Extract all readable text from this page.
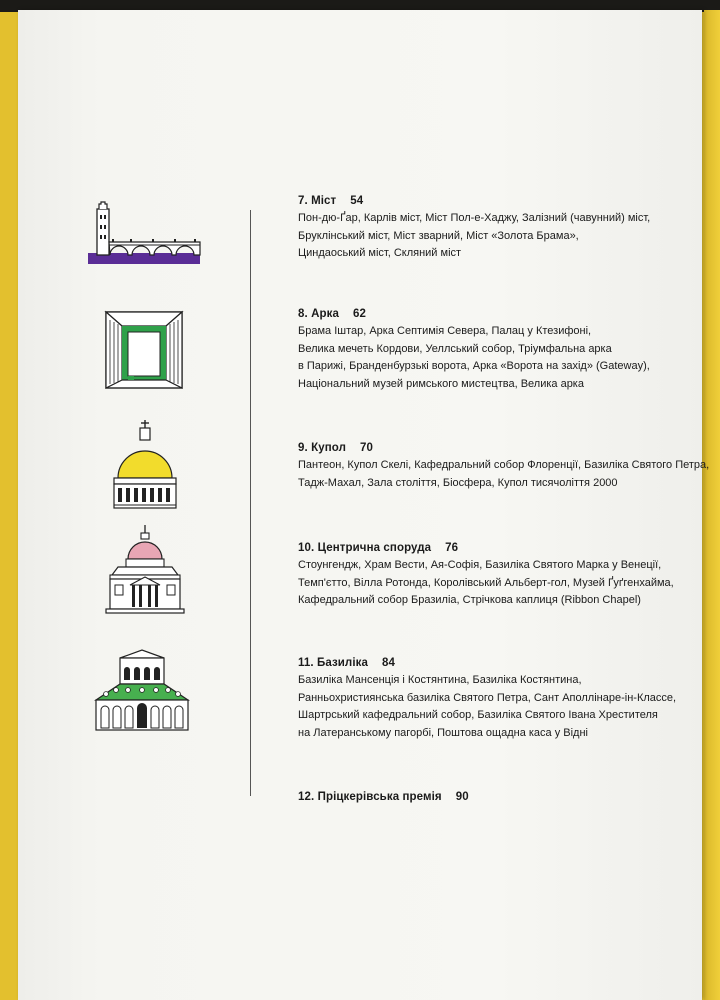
7. Міст 54
Пон-дю-Ґар, Карлів міст, Міст Пол-е-Хаджу, Залізний (чавунний) міст,
Бруклінський міст, Міст зварний, Міст «Золота Брама»,
Циндаоський міст, Скляний міст
8. Арка 62
Брама Іштар, Арка Септимія Севера, Палац у Ктезифоні,
Велика мечеть Кордови, Уеллський собор, Тріумфальна арка
в Парижі, Бранденбурзькі ворота, Арка «Ворота на захід» (Gateway),
Національний музей римського мистецтва, Велика арка
9. Купол 70
Пантеон, Купол Скелі, Кафедральний собор Флоренції, Базиліка Святого Петра,
Тадж-Махал, Зала століття, Біосфера, Купол тисячоліття 2000
10. Центрична споруда 76
Стоунгендж, Храм Вести, Ая-Софія, Базиліка Святого Марка у Венеції,
Темп'єтто, Вілла Ротонда, Королівський Альберт-гол, Музей Ґуґгенхайма,
Кафедральний собор Бразиліа, Стрічкова каплиця (Ribbon Chapel)
11. Базиліка 84
Базиліка Мансенція і Костянтина, Базиліка Костянтина,
Ранньохристиянська базиліка Святого Петра, Сант Аполлінаре-ін-Классе,
Шартрський кафедральний собор, Базиліка Святого Івана Хрестителя
на Латеранському пагорбі, Поштова ощадна каса у Відні
12. Пріцкерівська премія 90
